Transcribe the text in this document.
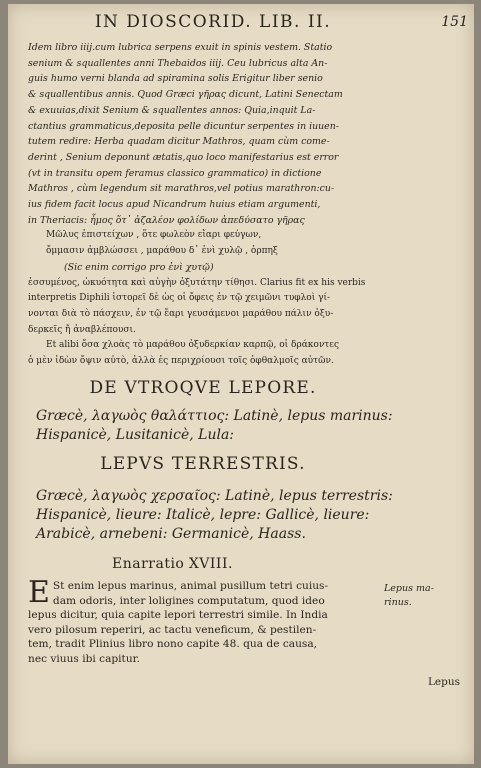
IN DIOSCORID. LIB. II.	151
Idem libro iiij.cum lubrica serpens exuit in spinis vestem. Statio
senium & squallentes anni Thebaidos iiij. Ceu lubricus alta An-
guis humo verni blanda ad spiramina solis Erigitur liber senio
& squallentibus annis. Quod Græci γῆρας dicunt, Latini Senectam
& exuuias,dixit Senium & squallentes annos: Quia,inquit La-
ctantius grammaticus,deposita pelle dicuntur serpentes in iuuen-
tutem redire: Herba quadam dicitur Mathros, quam cùm come-
derint , Senium deponunt ætatis,quo loco manifestarius est error
(vt in transitu opem feramus classico grammatico) in dictione
Mathros , cùm legendum sit marathros,vel potius marathron:cu-
ius fidem facit locus apud Nicandrum huius etiam argumenti,
in Theriacis: ἦμος ὅτ᾽ ἀζαλέον φολίδων ἀπεδύσατο γῆρας
Μῶλυς ἐπιστείχων , ὅτε φωλεὸν εἴαρι φεύγων,
ὄμμασιν ἀμβλώσσει , μαράθου δ᾽ ἐνὶ χυλῷ , ὀρπηξ
(Sic enim corrigo pro ἐνὶ χυτῷ)
ἐσσυμένος, ὠκυότητα καὶ αὐγὴν ὀξυτάτην τίθησι. Clarius fit ex his verbis
interpretis Diphili ἱστορεῖ δὲ ὡς οἱ ὄφεις ἐν τῷ χειμῶνι τυφλοὶ γί-
νονται διὰ τὸ πάσχειν, ἐν τῷ ἔαρι γευσάμενοι μαράθου πάλιν ὀξυ-
δερκεῖς ἤ ἀναβλέπουσι.
Et alibi ὄσα χλοὰς τὸ μαράθου ὀξυδερκίαν καρπῷ, οἱ δράκοντες
ὁ μὲν ἰδὼν ὄψιν αὐτὸ, ἀλλὰ ἐς περιχρίουσι τοῖς ὀφθαλμοῖς αὐτῶν.
DE VTROQVE LEPORE.
Græcè, λαγωὸς θαλάττιος: Latinè, lepus marinus:
Hispanicè, Lusitanicè, Lula:
LEPVS TERRESTRIS.
Græcè, λαγωὸς χερσαῖος: Latinè, lepus terrestris:
Hispanicè, lieure: Italicè, lepre: Gallicè, lieure:
Arabicè, arnebeni: Germanicè, Haass.
Enarratio XVIII.
E St enim lepus marinus, animal pusillum tetri cuius-
dam odoris, inter loligines computatum, quod ideo
lepus dicitur, quia capite lepori terrestri simile. In India
vero pilosum reperiri, ac tactu veneficum, & pestilen-
tem, tradit Plinius libro nono capite 48. qua de causa,
nec viuus ibi capitur.
Lepus ma-
rinus.
Lepus
